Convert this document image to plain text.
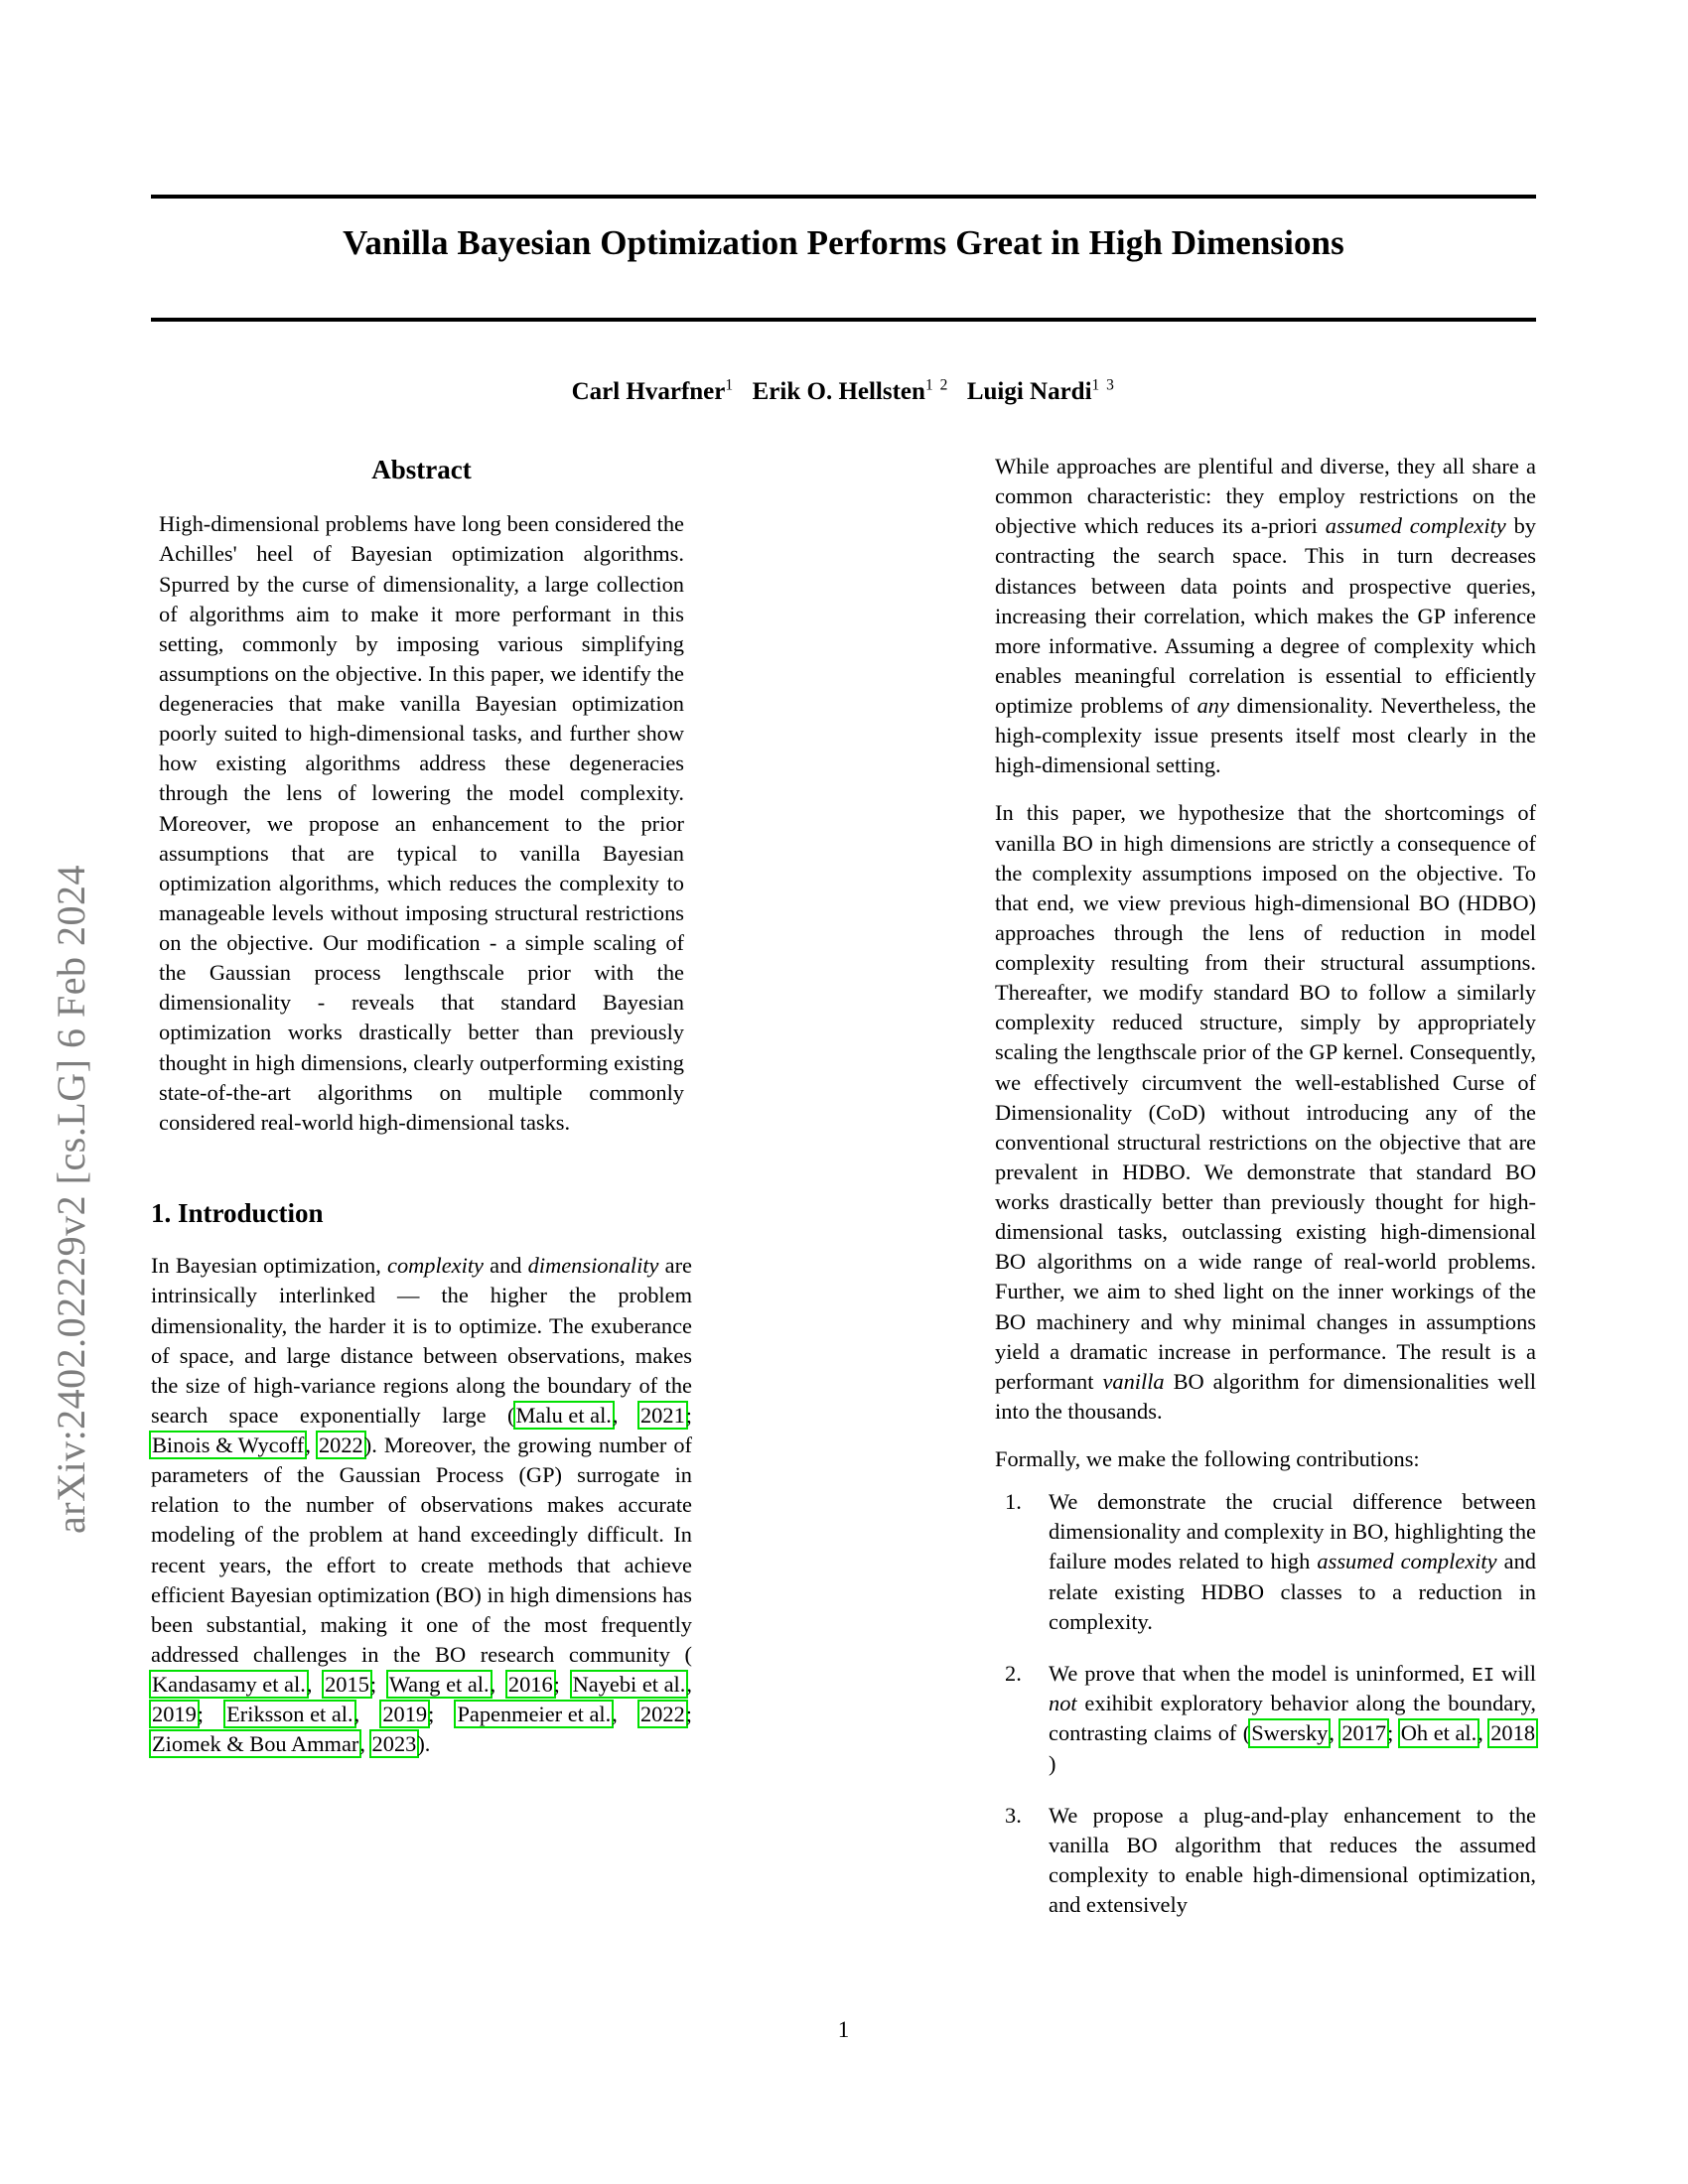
arXiv:2402.02229v2 [cs.LG] 6 Feb 2024
Vanilla Bayesian Optimization Performs Great in High Dimensions
Carl Hvarfner$^1$ Erik O. Hellsten$^{1 2}$ Luigi Nardi$^{1 3}$
Abstract

High-dimensional problems have long been considered the Achilles' heel of Bayesian optimization algorithms. Spurred by the curse of dimensionality, a large collection of algorithms aim to make it more performant in this setting, commonly by imposing various simplifying assumptions on the objective. In this paper, we identify the degeneracies that make vanilla Bayesian optimization poorly suited to high-dimensional tasks, and further show how existing algorithms address these degeneracies through the lens of lowering the model complexity. Moreover, we propose an enhancement to the prior assumptions that are typical to vanilla Bayesian optimization algorithms, which reduces the complexity to manageable levels without imposing structural restrictions on the objective. Our modification - a simple scaling of the Gaussian process lengthscale prior with the dimensionality - reveals that standard Bayesian optimization works drastically better than previously thought in high dimensions, clearly outperforming existing state-of-the-art algorithms on multiple commonly considered real-world high-dimensional tasks.

1. Introduction

In Bayesian optimization, complexity and dimensionality are intrinsically interlinked — the higher the problem dimensionality, the harder it is to optimize. The exuberance of space, and large distance between observations, makes the size of high-variance regions along the boundary of the search space exponentially large (Malu et al., 2021; Binois & Wycoff, 2022). Moreover, the growing number of parameters of the Gaussian Process (GP) surrogate in relation to the number of observations makes accurate modeling of the problem at hand exceedingly difficult. In recent years, the effort to create methods that achieve efficient Bayesian optimization (BO) in high dimensions has been substantial, making it one of the most frequently addressed challenges in the BO research community (Kandasamy et al., 2015; Wang et al., 2016; Nayebi et al., 2019; Eriksson et al., 2019; Papenmeier et al., 2022; Ziomek & Bou Ammar, 2023).

While approaches are plentiful and diverse, they all share a common characteristic: they employ restrictions on the objective which reduces its a-priori assumed complexity by contracting the search space. This in turn decreases distances between data points and prospective queries, increasing their correlation, which makes the GP inference more informative. Assuming a degree of complexity which enables meaningful correlation is essential to efficiently optimize problems of any dimensionality. Nevertheless, the high-complexity issue presents itself most clearly in the high-dimensional setting.

In this paper, we hypothesize that the shortcomings of vanilla BO in high dimensions are strictly a consequence of the complexity assumptions imposed on the objective. To that end, we view previous high-dimensional BO (HDBO) approaches through the lens of reduction in model complexity resulting from their structural assumptions. Thereafter, we modify standard BO to follow a similarly complexity reduced structure, simply by appropriately scaling the lengthscale prior of the GP kernel. Consequently, we effectively circumvent the well-established Curse of Dimensionality (CoD) without introducing any of the conventional structural restrictions on the objective that are prevalent in HDBO. We demonstrate that standard BO works drastically better than previously thought for high-dimensional tasks, outclassing existing high-dimensional BO algorithms on a wide range of real-world problems. Further, we aim to shed light on the inner workings of the BO machinery and why minimal changes in assumptions yield a dramatic increase in performance. The result is a performant vanilla BO algorithm for dimensionalities well into the thousands.

Formally, we make the following contributions:

We demonstrate the crucial difference between dimensionality and complexity in BO, highlighting the failure modes related to high assumed complexity and relate existing HDBO classes to a reduction in complexity.
We prove that when the model is uninformed, EI will not exihibit exploratory behavior along the boundary, contrasting claims of (Swersky, 2017; Oh et al., 2018)
We propose a plug-and-play enhancement to the vanilla BO algorithm that reduces the assumed complexity to enable high-dimensional optimization, and extensively
1
